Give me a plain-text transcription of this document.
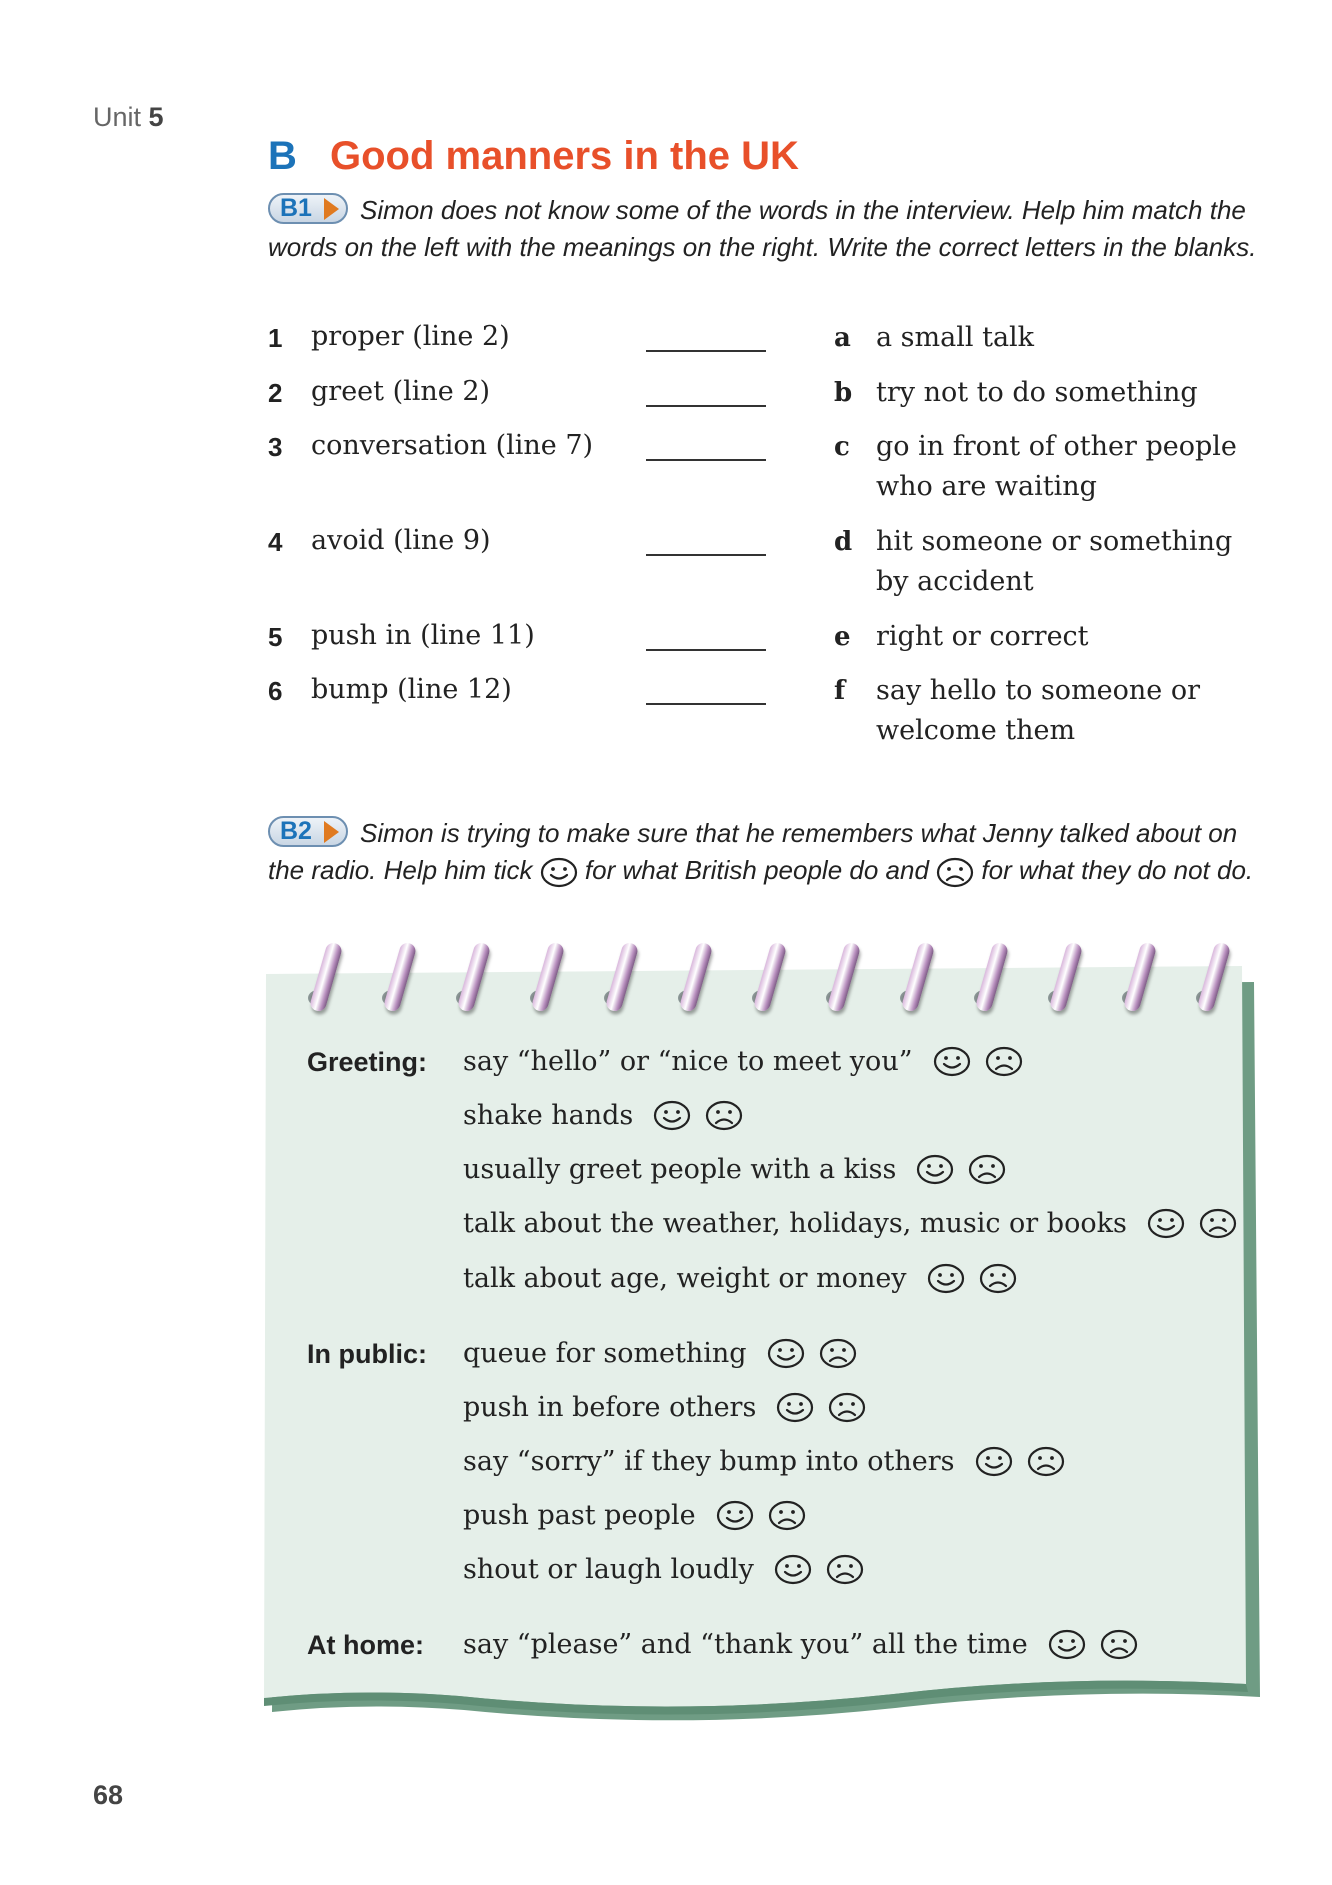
Unit 5
B Good manners in the UK
B1	Simon does not know some of the words in the interview. Help him match the words on the left with the meanings on the right. Write the correct letters in the blanks.
1 proper (line 2)	a a small talk
2 greet (line 2)	b try not to do something
3 conversation (line 7)	c go in front of other people who are waiting
4 avoid (line 9)	d hit someone or something by accident
5 push in (line 11)	e right or correct
6 bump (line 12)	f say hello to someone or welcome them
B2	Simon is trying to make sure that he remembers what Jenny talked about on the radio. Help him tick for what British people do and for what they do not do.
Greeting: say “hello” or “nice to meet you”
shake hands
usually greet people with a kiss
talk about the weather, holidays, music or books
talk about age, weight or money
In public: queue for something
push in before others
say “sorry” if they bump into others
push past people
shout or laugh loudly
At home: say “please” and “thank you” all the time
68
